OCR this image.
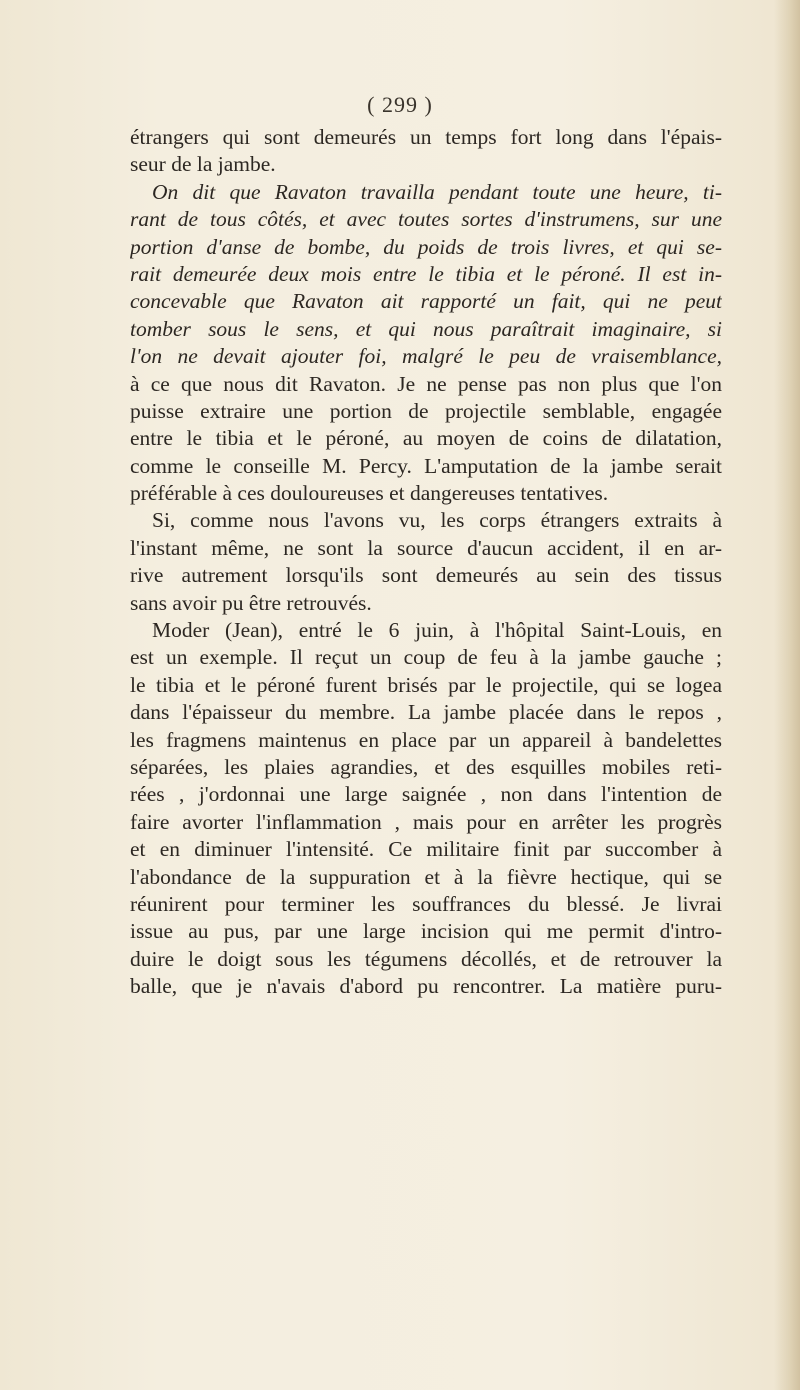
( 299 )
étrangers qui sont demeurés un temps fort long dans l'épais-
seur de la jambe.
On dit que Ravaton travailla pendant toute une heure, ti-
rant de tous côtés, et avec toutes sortes d'instrumens, sur une
portion d'anse de bombe, du poids de trois livres, et qui se-
rait demeurée deux mois entre le tibia et le péroné. Il est in-
concevable que Ravaton ait rapporté un fait, qui ne peut
tomber sous le sens, et qui nous paraîtrait imaginaire, si
l'on ne devait ajouter foi, malgré le peu de vraisemblance,
à ce que nous dit Ravaton. Je ne pense pas non plus que l'on
puisse extraire une portion de projectile semblable, engagée
entre le tibia et le péroné, au moyen de coins de dilatation,
comme le conseille M. Percy. L'amputation de la jambe serait
préférable à ces douloureuses et dangereuses tentatives.
Si, comme nous l'avons vu, les corps étrangers extraits à
l'instant même, ne sont la source d'aucun accident, il en ar-
rive autrement lorsqu'ils sont demeurés au sein des tissus
sans avoir pu être retrouvés.
Moder (Jean), entré le 6 juin, à l'hôpital Saint-Louis, en
est un exemple. Il reçut un coup de feu à la jambe gauche ;
le tibia et le péroné furent brisés par le projectile, qui se logea
dans l'épaisseur du membre. La jambe placée dans le repos ,
les fragmens maintenus en place par un appareil à bandelettes
séparées, les plaies agrandies, et des esquilles mobiles reti-
rées , j'ordonnai une large saignée , non dans l'intention de
faire avorter l'inflammation , mais pour en arrêter les progrès
et en diminuer l'intensité. Ce militaire finit par succomber à
l'abondance de la suppuration et à la fièvre hectique, qui se
réunirent pour terminer les souffrances du blessé. Je livrai
issue au pus, par une large incision qui me permit d'intro-
duire le doigt sous les tégumens décollés, et de retrouver la
balle, que je n'avais d'abord pu rencontrer. La matière puru-
